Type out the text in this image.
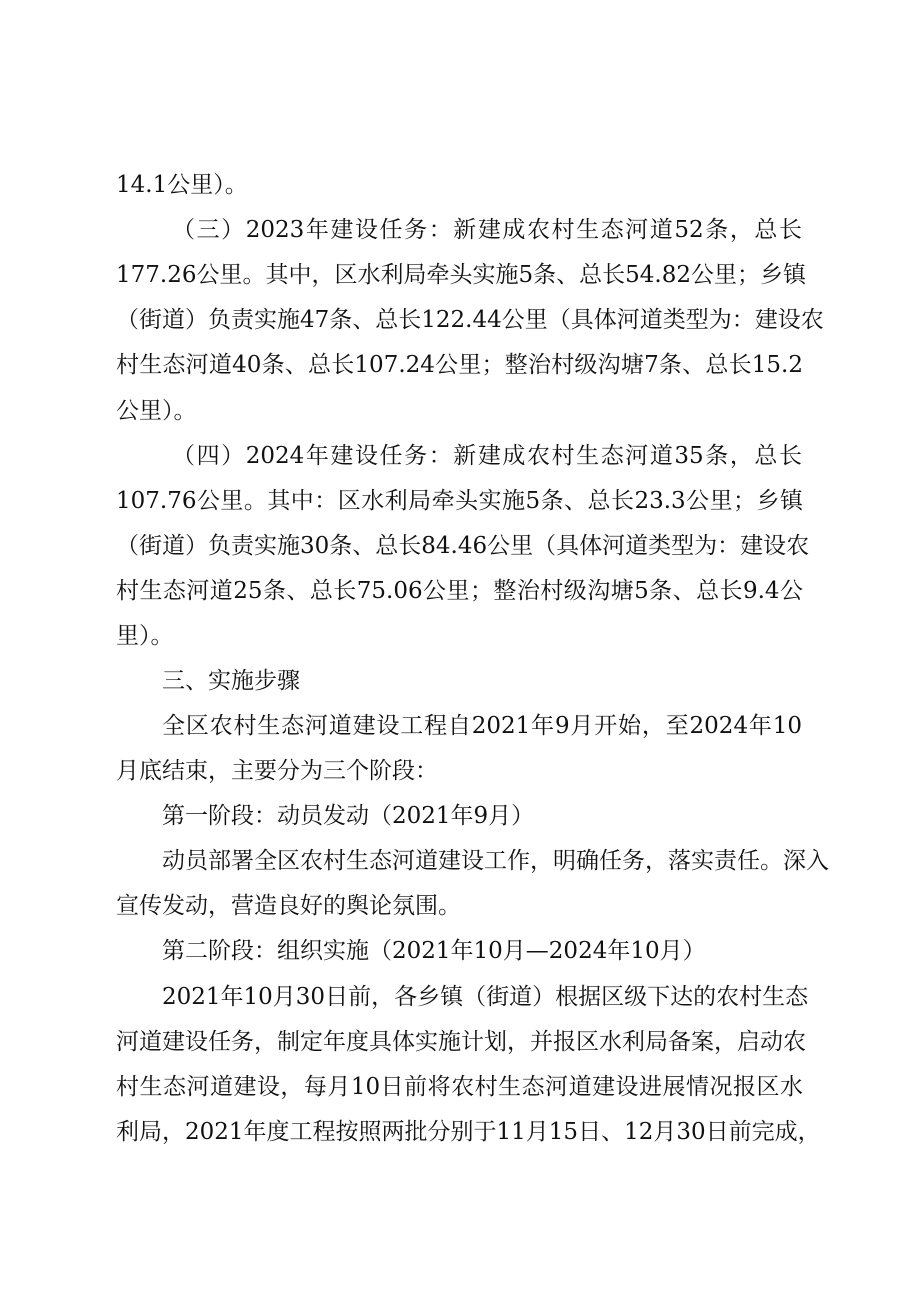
14.1公里）。
（三）2023年建设任务：新建成农村生态河道52条，总长
177.26公里。其中，区水利局牵头实施5条、总长54.82公里；乡镇
（街道）负责实施47条、总长122.44公里（具体河道类型为：建设农
村生态河道40条、总长107.24公里；整治村级沟塘7条、总长15.2
公里）。
（四）2024年建设任务：新建成农村生态河道35条，总长
107.76公里。其中：区水利局牵头实施5条、总长23.3公里；乡镇
（街道）负责实施30条、总长84.46公里（具体河道类型为：建设农
村生态河道25条、总长75.06公里；整治村级沟塘5条、总长9.4公
里）。
三、实施步骤
全区农村生态河道建设工程自2021年9月开始，至2024年10
月底结束，主要分为三个阶段：
第一阶段：动员发动（2021年9月）
动员部署全区农村生态河道建设工作，明确任务，落实责任。深入
宣传发动，营造良好的舆论氛围。
第二阶段：组织实施（2021年10月—2024年10月）
2021年10月30日前，各乡镇（街道）根据区级下达的农村生态
河道建设任务，制定年度具体实施计划，并报区水利局备案，启动农
村生态河道建设，每月10日前将农村生态河道建设进展情况报区水
利局，2021年度工程按照两批分别于11月15日、12月30日前完成，
